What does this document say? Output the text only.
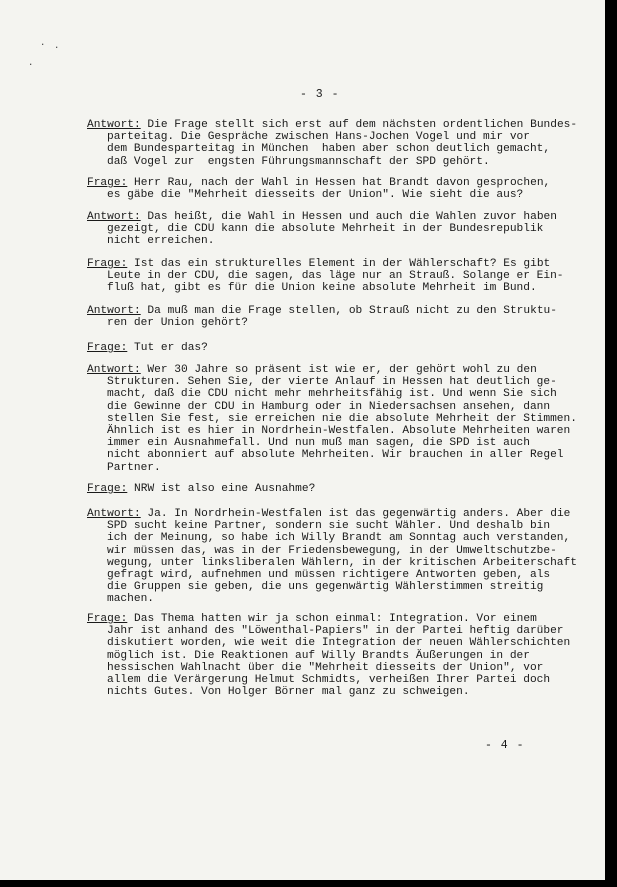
· ·
·
- 3 -
Antwort: Die Frage stellt sich erst auf dem nächsten ordentlichen Bundes-
parteitag. Die Gespräche zwischen Hans-Jochen Vogel und mir vor
dem Bundesparteitag in München  haben aber schon deutlich gemacht,
daß Vogel zur  engsten Führungsmannschaft der SPD gehört.
Frage: Herr Rau, nach der Wahl in Hessen hat Brandt davon gesprochen,
es gäbe die "Mehrheit diesseits der Union". Wie sieht die aus?
Antwort: Das heißt, die Wahl in Hessen und auch die Wahlen zuvor haben
gezeigt, die CDU kann die absolute Mehrheit in der Bundesrepublik
nicht erreichen.
Frage: Ist das ein strukturelles Element in der Wählerschaft? Es gibt
Leute in der CDU, die sagen, das läge nur an Strauß. Solange er Ein-
fluß hat, gibt es für die Union keine absolute Mehrheit im Bund.
Antwort: Da muß man die Frage stellen, ob Strauß nicht zu den Struktu-
ren der Union gehört?
Frage: Tut er das?
Antwort: Wer 30 Jahre so präsent ist wie er, der gehört wohl zu den
Strukturen. Sehen Sie, der vierte Anlauf in Hessen hat deutlich ge-
macht, daß die CDU nicht mehr mehrheitsfähig ist. Und wenn Sie sich
die Gewinne der CDU in Hamburg oder in Niedersachsen ansehen, dann
stellen Sie fest, sie erreichen nie die absolute Mehrheit der Stimmen.
Ähnlich ist es hier in Nordrhein-Westfalen. Absolute Mehrheiten waren
immer ein Ausnahmefall. Und nun muß man sagen, die SPD ist auch
nicht abonniert auf absolute Mehrheiten. Wir brauchen in aller Regel
Partner.
Frage: NRW ist also eine Ausnahme?
Antwort: Ja. In Nordrhein-Westfalen ist das gegenwärtig anders. Aber die
SPD sucht keine Partner, sondern sie sucht Wähler. Und deshalb bin
ich der Meinung, so habe ich Willy Brandt am Sonntag auch verstanden,
wir müssen das, was in der Friedensbewegung, in der Umweltschutzbe-
wegung, unter linksliberalen Wählern, in der kritischen Arbeiterschaft
gefragt wird, aufnehmen und müssen richtigere Antworten geben, als
die Gruppen sie geben, die uns gegenwärtig Wählerstimmen streitig
machen.
Frage: Das Thema hatten wir ja schon einmal: Integration. Vor einem
Jahr ist anhand des "Löwenthal-Papiers" in der Partei heftig darüber
diskutiert worden, wie weit die Integration der neuen Wählerschichten
möglich ist. Die Reaktionen auf Willy Brandts Äußerungen in der
hessischen Wahlnacht über die "Mehrheit diesseits der Union", vor
allem die Verärgerung Helmut Schmidts, verheißen Ihrer Partei doch
nichts Gutes. Von Holger Börner mal ganz zu schweigen.
- 4 -
